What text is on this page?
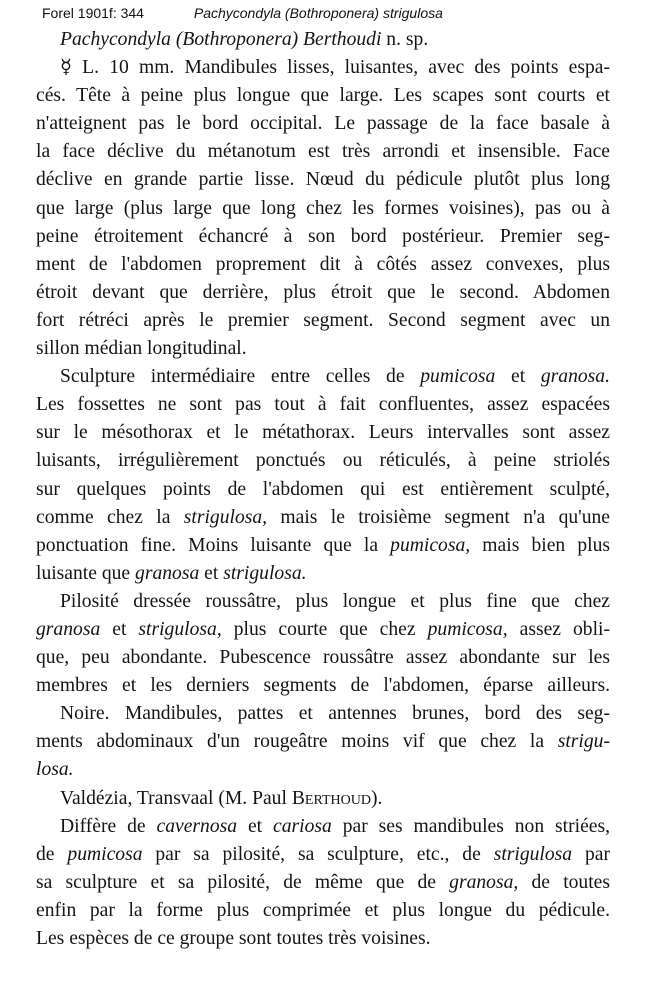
Forel 1901f: 344	Pachycondyla (Bothroponera) strigulosa
Pachycondyla (Bothroponera) Berthoudi n. sp.
☿ L. 10 mm. Mandibules lisses, luisantes, avec des points espa-
cés. Tête à peine plus longue que large. Les scapes sont courts et
n'atteignent pas le bord occipital. Le passage de la face basale à
la face déclive du métanotum est très arrondi et insensible. Face
déclive en grande partie lisse. Nœud du pédicule plutôt plus long
que large (plus large que long chez les formes voisines), pas ou à
peine étroitement échancré à son bord postérieur. Premier seg-
ment de l'abdomen proprement dit à côtés assez convexes, plus
étroit devant que derrière, plus étroit que le second. Abdomen
fort rétréci après le premier segment. Second segment avec un
sillon médian longitudinal.
Sculpture intermédiaire entre celles de pumicosa et granosa.
Les fossettes ne sont pas tout à fait confluentes, assez espacées
sur le mésothorax et le métathorax. Leurs intervalles sont assez
luisants, irrégulièrement ponctués ou réticulés, à peine striolés
sur quelques points de l'abdomen qui est entièrement sculpté,
comme chez la strigulosa, mais le troisième segment n'a qu'une
ponctuation fine. Moins luisante que la pumicosa, mais bien plus
luisante que granosa et strigulosa.
Pilosité dressée roussâtre, plus longue et plus fine que chez
granosa et strigulosa, plus courte que chez pumicosa, assez obli-
que, peu abondante. Pubescence roussâtre assez abondante sur les
membres et les derniers segments de l'abdomen, éparse ailleurs.
Noire. Mandibules, pattes et antennes brunes, bord des seg-
ments abdominaux d'un rougeâtre moins vif que chez la strigu-
losa.
Valdézia, Transvaal (M. Paul Berthoud).
Diffère de cavernosa et cariosa par ses mandibules non striées,
de pumicosa par sa pilosité, sa sculpture, etc., de strigulosa par
sa sculpture et sa pilosité, de même que de granosa, de toutes
enfin par la forme plus comprimée et plus longue du pédicule.
Les espèces de ce groupe sont toutes très voisines.
